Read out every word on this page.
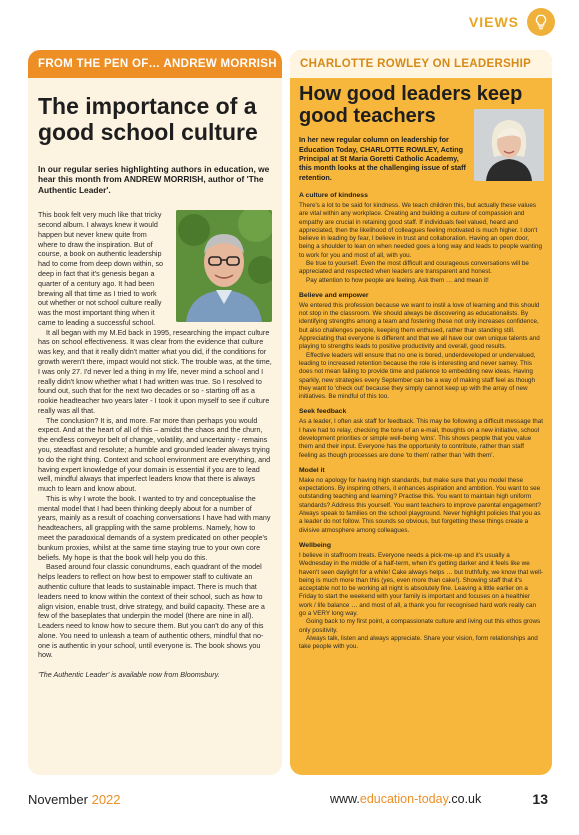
VIEWS
FROM THE PEN OF… ANDREW MORRISH
The importance of a good school culture

In our regular series highlighting authors in education, we hear this month from ANDREW MORRISH, author of 'The Authentic Leader'.

This book felt very much like that tricky second album. I always knew it would happen but never knew quite from where to draw the inspiration. But of course, a book on authentic leadership had to come from deep down within, so deep in fact that it's genesis began a quarter of a century ago. It had been brewing all that time as I tried to work out whether or not school culture really was the most important thing when it came to leading a successful school.

It all began with my M.Ed back in 1995, researching the impact culture has on school effectiveness. It was clear from the evidence that culture was key, and that it really didn't matter what you did, if the conditions for growth weren't there, impact would not stick. The trouble was, at the time, I was only 27. I'd never led a thing in my life, never mind a school and I really didn't know whether what I had written was true. So I resolved to found out, such that for the next two decades or so - starting off as a rookie headteacher two years later - I took it upon myself to see if culture really was all that.

The conclusion? It is, and more. Far more than perhaps you would expect. And at the heart of all of this – amidst the chaos and the churn, the endless conveyor belt of change, volatility, and uncertainty - remains you, steadfast and resolute; a humble and grounded leader always trying to do the right thing. Context and school environment are everything, and having expert knowledge of your domain is essential if you are to lead well, mindful always that imperfect leaders know that there is always much to learn and know about.

This is why I wrote the book. I wanted to try and conceptualise the mental model that I had been thinking deeply about for a number of years, mainly as a result of coaching conversations I have had with many headteachers, all grappling with the same problems. Namely, how to meet the paradoxical demands of a system predicated on other people's bunkum proxies, whilst at the same time staying true to your own core beliefs. My hope is that the book will help you do this.

Based around four classic conundrums, each quadrant of the model helps leaders to reflect on how best to empower staff to cultivate an authentic culture that leads to sustainable impact. There is much that leaders need to know within the context of their school, such as how to align vision, enable trust, drive strategy, and build capacity. These are a few of the baseplates that underpin the model (there are nine in all). Leaders need to know how to secure them. But you can't do any of this alone. You need to unleash a team of authentic others, mindful that no-one is authentic in your school, until everyone is. The book shows you how.

'The Authentic Leader' is available now from Bloomsbury.

CHARLOTTE ROWLEY ON LEADERSHIP
How good leaders keep good teachers

In her new regular column on leadership for Education Today, CHARLOTTE ROWLEY, Acting Principal at St Maria Goretti Catholic Academy, this month looks at the challenging issue of staff retention.

A culture of kindness

There's a lot to be said for kindness. We teach children this, but actually these values are vital within any workplace. Creating and building a culture of compassion and empathy are crucial in retaining good staff. If individuals feel valued, heard and appreciated, then the likelihood of colleagues feeling motivated is much higher. I don't believe in leading by fear, I believe in trust and collaboration. Having an open door, being a shoulder to lean on when needed goes a long way and leads to people wanting to work for you and most of all, with you.

Be true to yourself. Even the most difficult and courageous conversations will be appreciated and respected when leaders are transparent and honest.

Pay attention to how people are feeling. Ask them … and mean it!

Believe and empower

We entered this profession because we want to instil a love of learning and this should not stop in the classroom. We should always be discovering as educationalists. By identifying strengths among a team and fostering these not only increases confidence, but also challenges people, keeping them enthused, rather than standing still. Appreciating that everyone is different and that we all have our own unique talents and playing to strengths leads to positive productivity and overall, good results.

Effective leaders will ensure that no one is bored, underdeveloped or undervalued, leading to increased retention because the role is interesting and never samey. This does not mean failing to provide time and patience to embedding new ideas. Having sparkly, new strategies every September can be a way of making staff feel as though they want to 'check out' because they simply cannot keep up with the array of new initiatives. Be mindful of this too.

Seek feedback

As a leader, I often ask staff for feedback. This may be following a difficult message that I have had to relay, checking the tone of an e-mail, thoughts on a new initiative, school development priorities or simple well-being 'wins'. This shows people that you value them and their input. Everyone has the opportunity to contribute, rather than staff feeling as though processes are done 'to them' rather than 'with them'.

Model it

Make no apology for having high standards, but make sure that you model these expectations. By inspiring others, it enhances aspiration and ambition. You want to see outstanding teaching and learning? Practise this. You want to maintain high uniform standards? Address this yourself. You want teachers to improve parental engagement? Always speak to families on the school playground. Never highlight policies that you as a leader do not follow. This sounds so obvious, but forgetting these things create a divisive atmosphere among colleagues.

Wellbeing

I believe in staffroom treats. Everyone needs a pick-me-up and it's usually a Wednesday in the middle of a half-term, when it's getting darker and it feels like we haven't seen daylight for a while! Cake always helps … but truthfully, we know that well-being is much more than this (yes, even more than cake!). Showing staff that it's acceptable not to be working all night is absolutely fine. Leaving a little earlier on a Friday to start the weekend with your family is important and focuses on a healthier work / life balance … and most of all, a thank you for recognised hard work really can go a VERY long way.

Going back to my first point, a compassionate culture and living out this ethos grows only positivity.

Always talk, listen and always appreciate. Share your vision, form relationships and take people with you.

November 2022	www.education-today.co.uk	13
